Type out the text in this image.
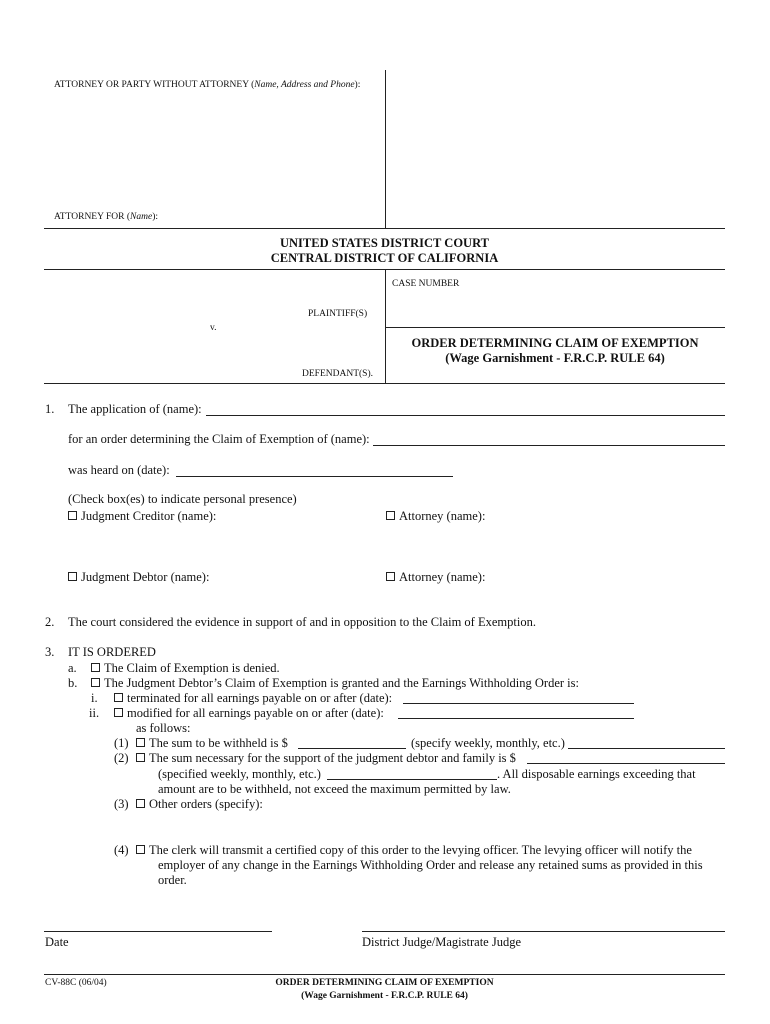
ATTORNEY OR PARTY WITHOUT ATTORNEY (Name, Address and Phone):
ATTORNEY FOR (Name):
UNITED STATES DISTRICT COURT
CENTRAL DISTRICT OF CALIFORNIA
CASE NUMBER
PLAINTIFF(S)
v.
DEFENDANT(S).
ORDER DETERMINING CLAIM OF EXEMPTION
(Wage Garnishment - F.R.C.P. RULE 64)
1. The application of (name):
for an order determining the Claim of Exemption of (name):
was heard on (date):
(Check box(es) to indicate personal presence)
Judgment Creditor (name):	Attorney (name):
Judgment Debtor (name):	Attorney (name):
2. The court considered the evidence in support of and in opposition to the Claim of Exemption.
3. IT IS ORDERED
a.	The Claim of Exemption is denied.
b.	The Judgment Debtor’s Claim of Exemption is granted and the Earnings Withholding Order is:
i.	terminated for all earnings payable on or after (date):
ii.	modified for all earnings payable on or after (date):
as follows:
(1)	The sum to be withheld is $	(specify weekly, monthly, etc.)
(2)	The sum necessary for the support of the judgment debtor and family is $
(specified weekly, monthly, etc.)	. All disposable earnings exceeding that
amount are to be withheld, not exceed the maximum permitted by law.
(3)	Other orders (specify):
(4)	The clerk will transmit a certified copy of this order to the levying officer. The levying officer will notify the
employer of any change in the Earnings Withholding Order and release any retained sums as provided in this
order.
Date	District Judge/Magistrate Judge
CV-88C (06/04)	ORDER DETERMINING CLAIM OF EXEMPTION
(Wage Garnishment - F.R.C.P. RULE 64)
